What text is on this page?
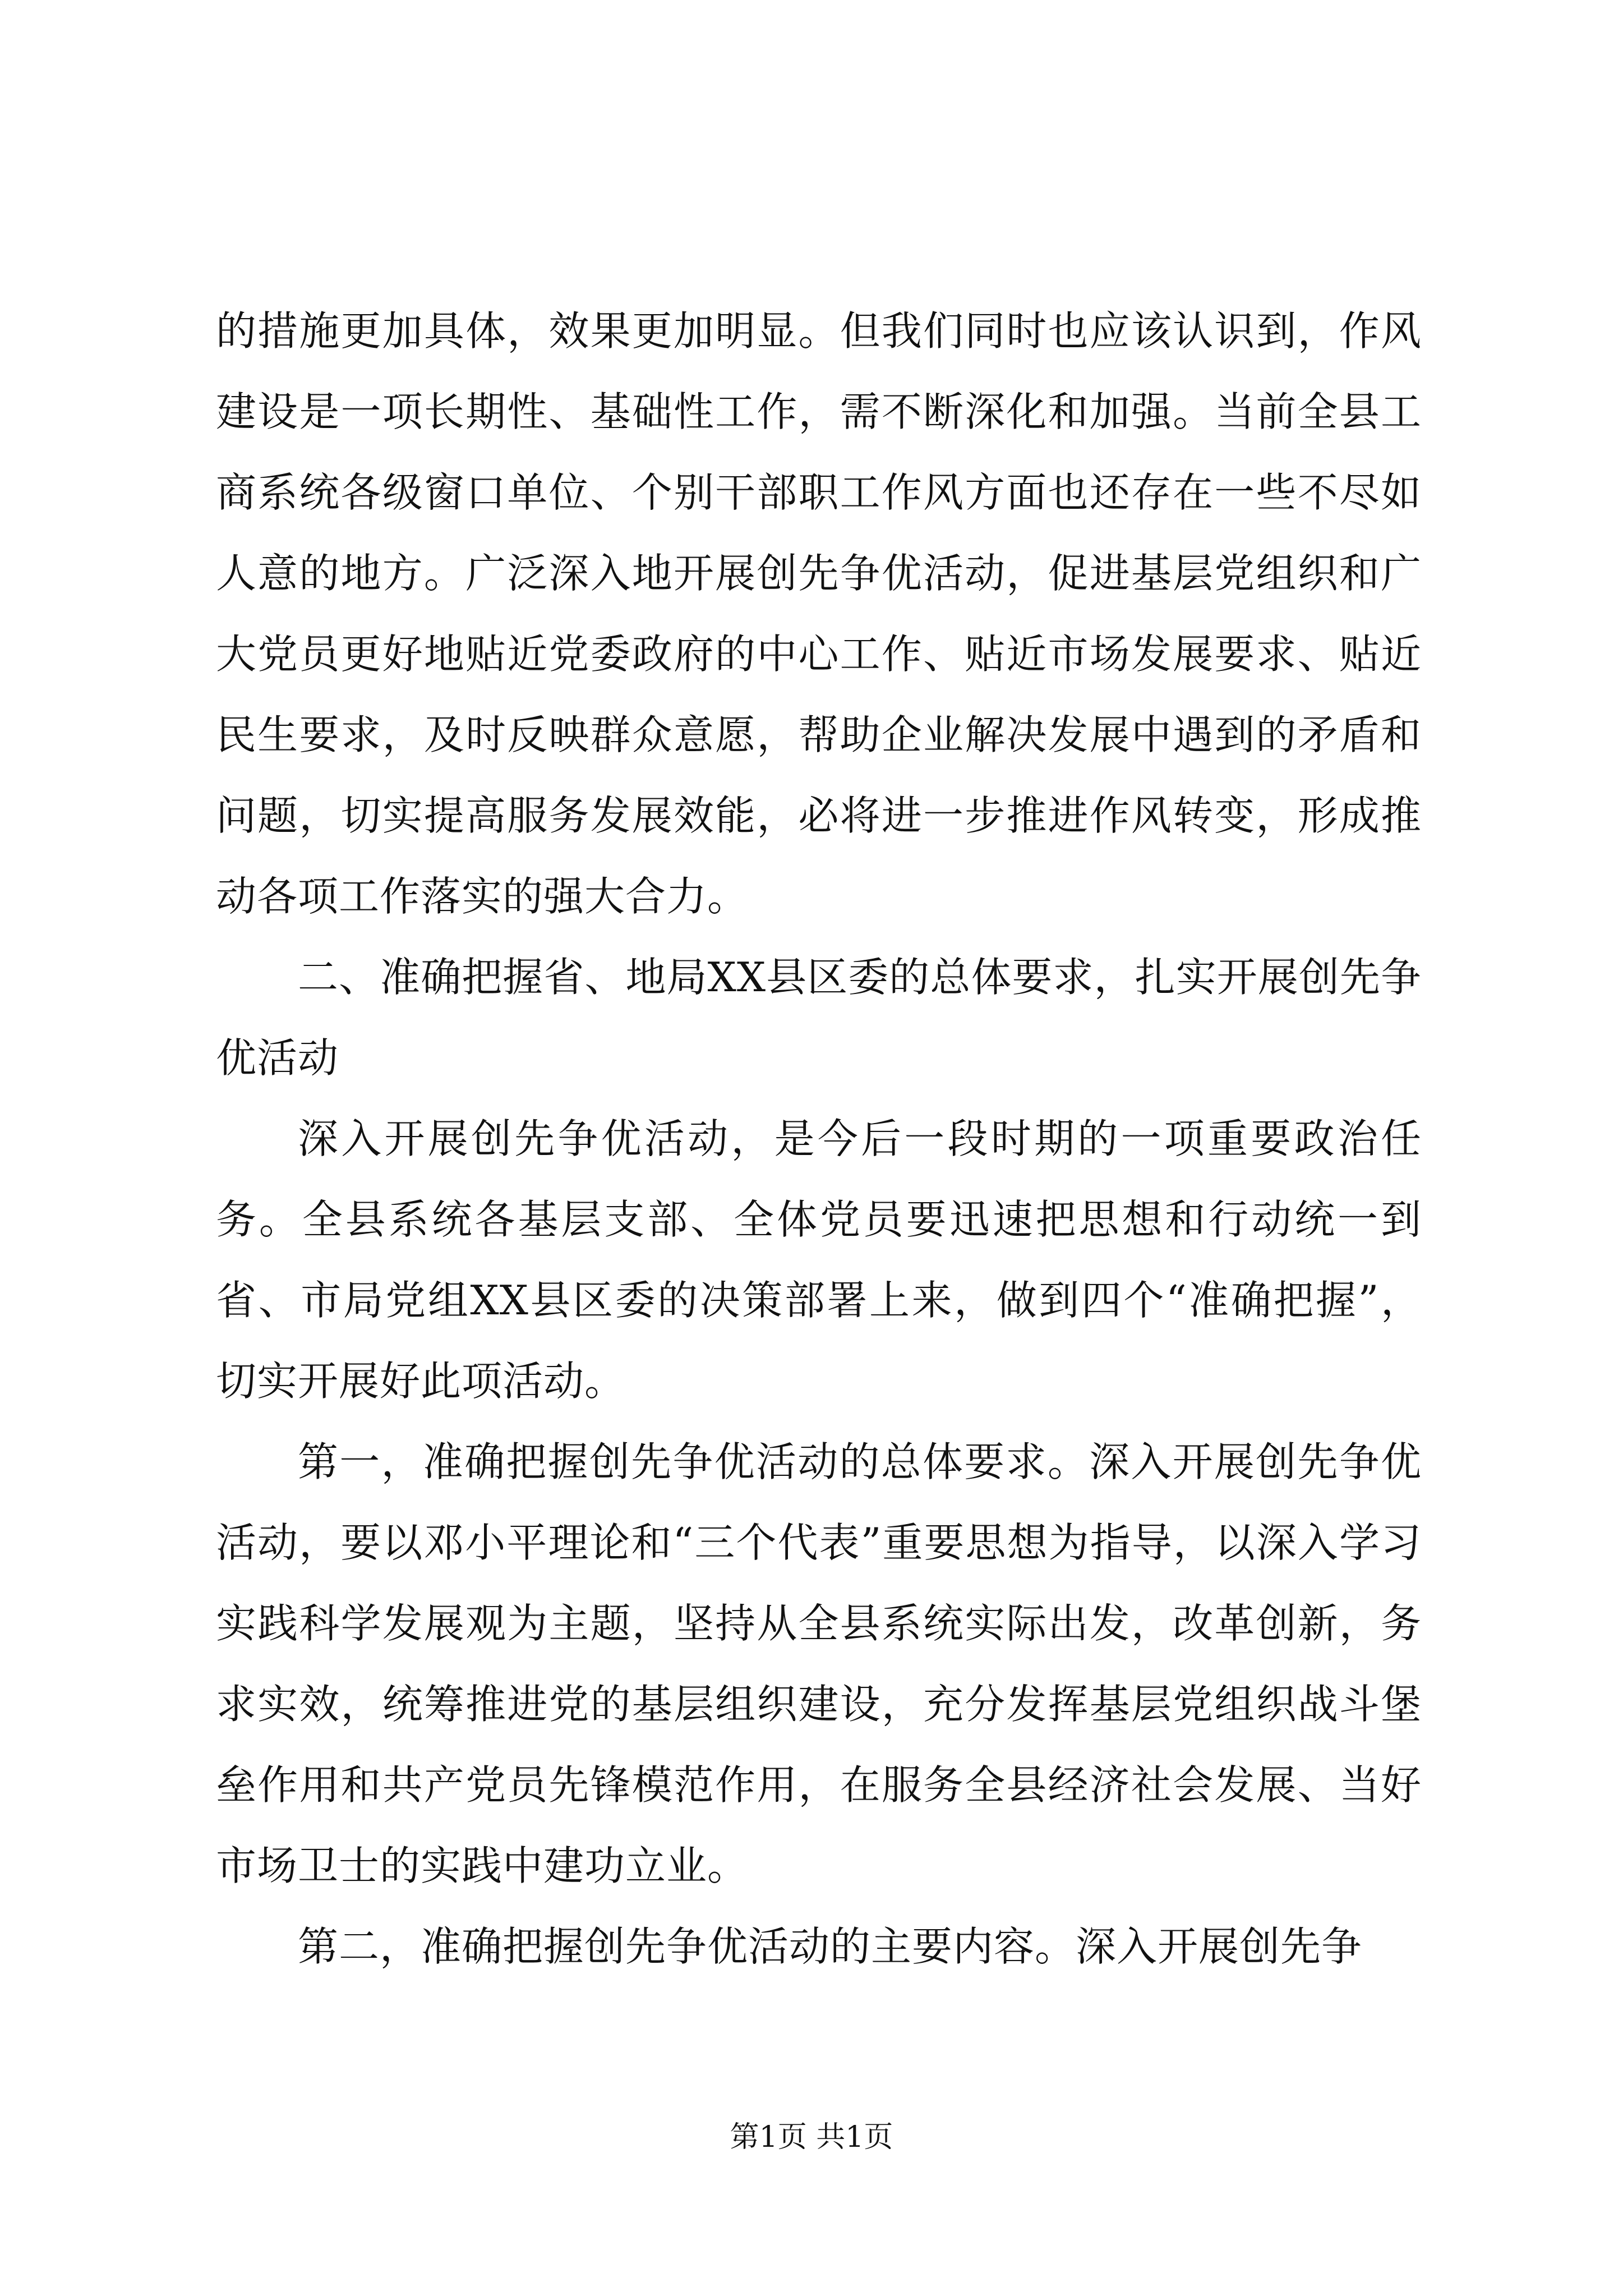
的措施更加具体，效果更加明显。但我们同时也应该认识到，作风建设是一项长期性、基础性工作，需不断深化和加强。当前全县工商系统各级窗口单位、个别干部职工作风方面也还存在一些不尽如人意的地方。广泛深入地开展创先争优活动，促进基层党组织和广大党员更好地贴近党委政府的中心工作、贴近市场发展要求、贴近民生要求，及时反映群众意愿，帮助企业解决发展中遇到的矛盾和问题，切实提高服务发展效能，必将进一步推进作风转变，形成推动各项工作落实的强大合力。

二、准确把握省、地局XX县区委的总体要求，扎实开展创先争优活动

深入开展创先争优活动，是今后一段时期的一项重要政治任务。全县系统各基层支部、全体党员要迅速把思想和行动统一到省、市局党组XX县区委的决策部署上来，做到四个“准确把握”，切实开展好此项活动。

第一，准确把握创先争优活动的总体要求。深入开展创先争优活动，要以邓小平理论和“三个代表”重要思想为指导，以深入学习实践科学发展观为主题，坚持从全县系统实际出发，改革创新，务求实效，统筹推进党的基层组织建设，充分发挥基层党组织战斗堡垒作用和共产党员先锋模范作用，在服务全县经济社会发展、当好市场卫士的实践中建功立业。

第二，准确把握创先争优活动的主要内容。深入开展创先争

第1页 共1页
